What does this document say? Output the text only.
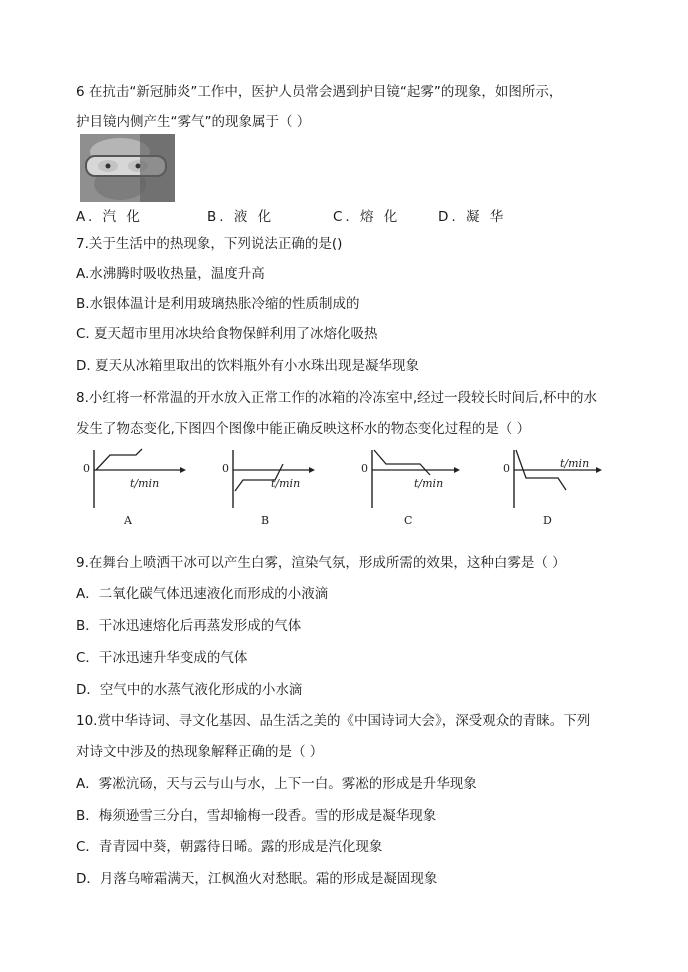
6 在抗击“新冠肺炎”工作中，医护人员常会遇到护目镜“起雾”的现象，如图所示，
护目镜内侧产生“雾气”的现象属于（ ）
A. 汽 化	B. 液 化	C. 熔 化	D. 凝 华
7.关于生活中的热现象，下列说法正确的是()
A.水沸腾时吸收热量，温度升高
B.水银体温计是利用玻璃热胀冷缩的性质制成的
C. 夏天超市里用冰块给食物保鲜利用了冰熔化吸热
D. 夏天从冰箱里取出的饮料瓶外有小水珠出现是凝华现象
8.小红将一杯常温的开水放入正常工作的冰箱的冷冻室中,经过一段较长时间后,杯中的水
发生了物态变化,下图四个图像中能正确反映这杯水的物态变化过程的是（ ）
0
t/min
A
0
t/min
B
0
t/min
C
0	t/min
D
9.在舞台上喷洒干冰可以产生白雾，渲染气氛，形成所需的效果，这种白雾是（ ）
A．二氧化碳气体迅速液化而形成的小液滴
B．干冰迅速熔化后再蒸发形成的气体
C．干冰迅速升华变成的气体
D．空气中的水蒸气液化形成的小水滴
10.赏中华诗词、寻文化基因、品生活之美的《中国诗词大会》，深受观众的青睐。下列
对诗文中涉及的热现象解释正确的是（ ）
A．雾凇沆砀，天与云与山与水，上下一白。雾凇的形成是升华现象
B．梅须逊雪三分白，雪却输梅一段香。雪的形成是凝华现象
C．青青园中葵，朝露待日晞。露的形成是汽化现象
D．月落乌啼霜满天，江枫渔火对愁眠。霜的形成是凝固现象
